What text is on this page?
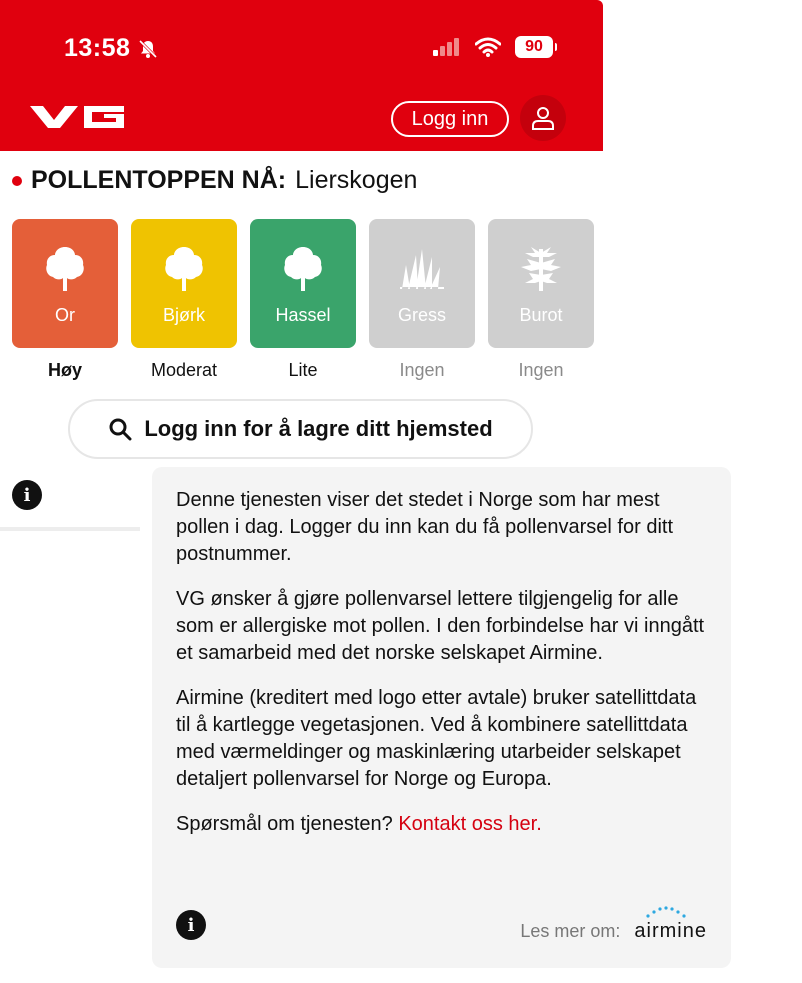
13:58	90
Logg inn
POLLENTOPPEN NÅ: Lierskogen
Or
Høy
Bjørk
Moderat
Hassel
Lite
Gress
Ingen
Burot
Ingen
Logg inn for å lagre ditt hjemsted
i	Denne tjenesten viser det stedet i Norge som har mest pollen i dag. Logger du inn kan du få pollenvarsel for ditt postnummer.

VG ønsker å gjøre pollenvarsel lettere tilgjengelig for alle som er allergiske mot pollen. I den forbindelse har vi inngått et samarbeid med det norske selskapet Airmine.

Airmine (kreditert med logo etter avtale) bruker satellittdata til å kartlegge vegetasjonen. Ved å kombinere satellittdata med værmeldinger og maskinlæring utarbeider selskapet detaljert pollenvarsel for Norge og Europa.

Spørsmål om tjenesten? Kontakt oss her.

i	Les mer om: airmine
